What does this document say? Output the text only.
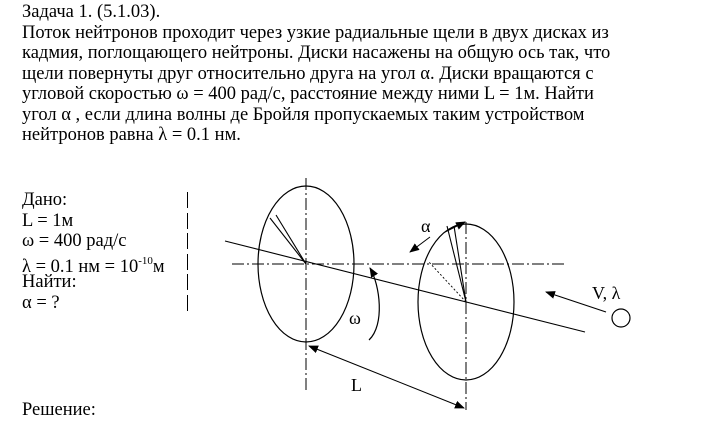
Задача 1. (5.1.03).

Поток нейтронов проходит через узкие радиальные щели в двух дисках из

кадмия, поглощающего нейтроны. Диски насажены на общую ось так, что

щели повернуты друг относительно друга на угол α. Диски вращаются с

угловой скоростью ω = 400 рад/с, расстояние между ними L = 1м. Найти

угол α , если длина волны де Бройля пропускаемых таким устройством

нейтронов равна λ = 0.1 нм.

Дано:
L = 1м
ω = 400 рад/с
λ = 0.1 нм = $10^{-10}м$
Найти:
α = ?
α
ω
L
V, λ
Решение:
